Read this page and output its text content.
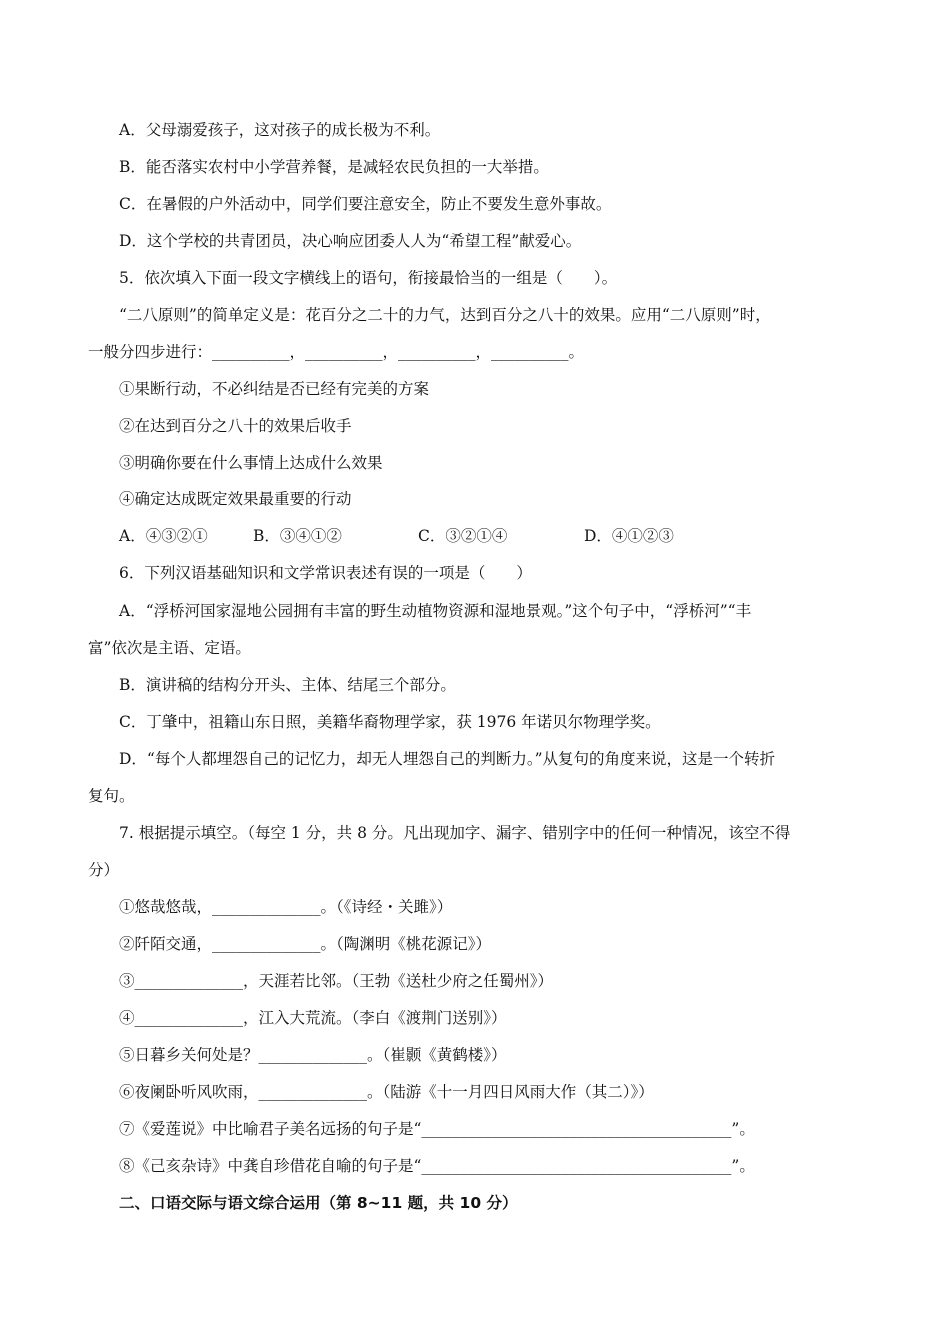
A．父母溺爱孩子，这对孩子的成长极为不利。
B．能否落实农村中小学营养餐，是减轻农民负担的一大举措。
C．在暑假的户外活动中，同学们要注意安全，防止不要发生意外事故。
D．这个学校的共青团员，决心响应团委人人为“希望工程”献爱心。
5．依次填入下面一段文字横线上的语句，衔接最恰当的一组是（　　）。
“二八原则”的简单定义是：花百分之二十的力气，达到百分之八十的效果。应用“二八原则”时，
一般分四步进行：__________，__________，__________，__________。
①果断行动，不必纠结是否已经有完美的方案
②在达到百分之八十的效果后收手
③明确你要在什么事情上达成什么效果
④确定达成既定效果最重要的行动
A．④③②①	B．③④①②	C．③②①④	D．④①②③
6．下列汉语基础知识和文学常识表述有误的一项是（　　）
A．“浮桥河国家湿地公园拥有丰富的野生动植物资源和湿地景观。”这个句子中，“浮桥河”“丰
富”依次是主语、定语。
B．演讲稿的结构分开头、主体、结尾三个部分。
C．丁肇中，祖籍山东日照，美籍华裔物理学家，获 1976 年诺贝尔物理学奖。
D．“每个人都埋怨自己的记忆力，却无人埋怨自己的判断力。”从复句的角度来说，这是一个转折
复句。
7. 根据提示填空。（每空 1 分，共 8 分。凡出现加字、漏字、错别字中的任何一种情况，该空不得
分）
①悠哉悠哉，______________。（《诗经・关雎》）
②阡陌交通，______________。（陶渊明《桃花源记》）
③______________，天涯若比邻。（王勃《送杜少府之任蜀州》）
④______________，江入大荒流。（李白《渡荆门送别》）
⑤日暮乡关何处是？______________。（崔颢《黄鹤楼》）
⑥夜阑卧听风吹雨，______________。（陆游《十一月四日风雨大作（其二）》）
⑦《爱莲说》中比喻君子美名远扬的句子是“________________________________________”。
⑧《己亥杂诗》中龚自珍借花自喻的句子是“________________________________________”。
二、口语交际与语文综合运用（第 8~11 题，共 10 分）
